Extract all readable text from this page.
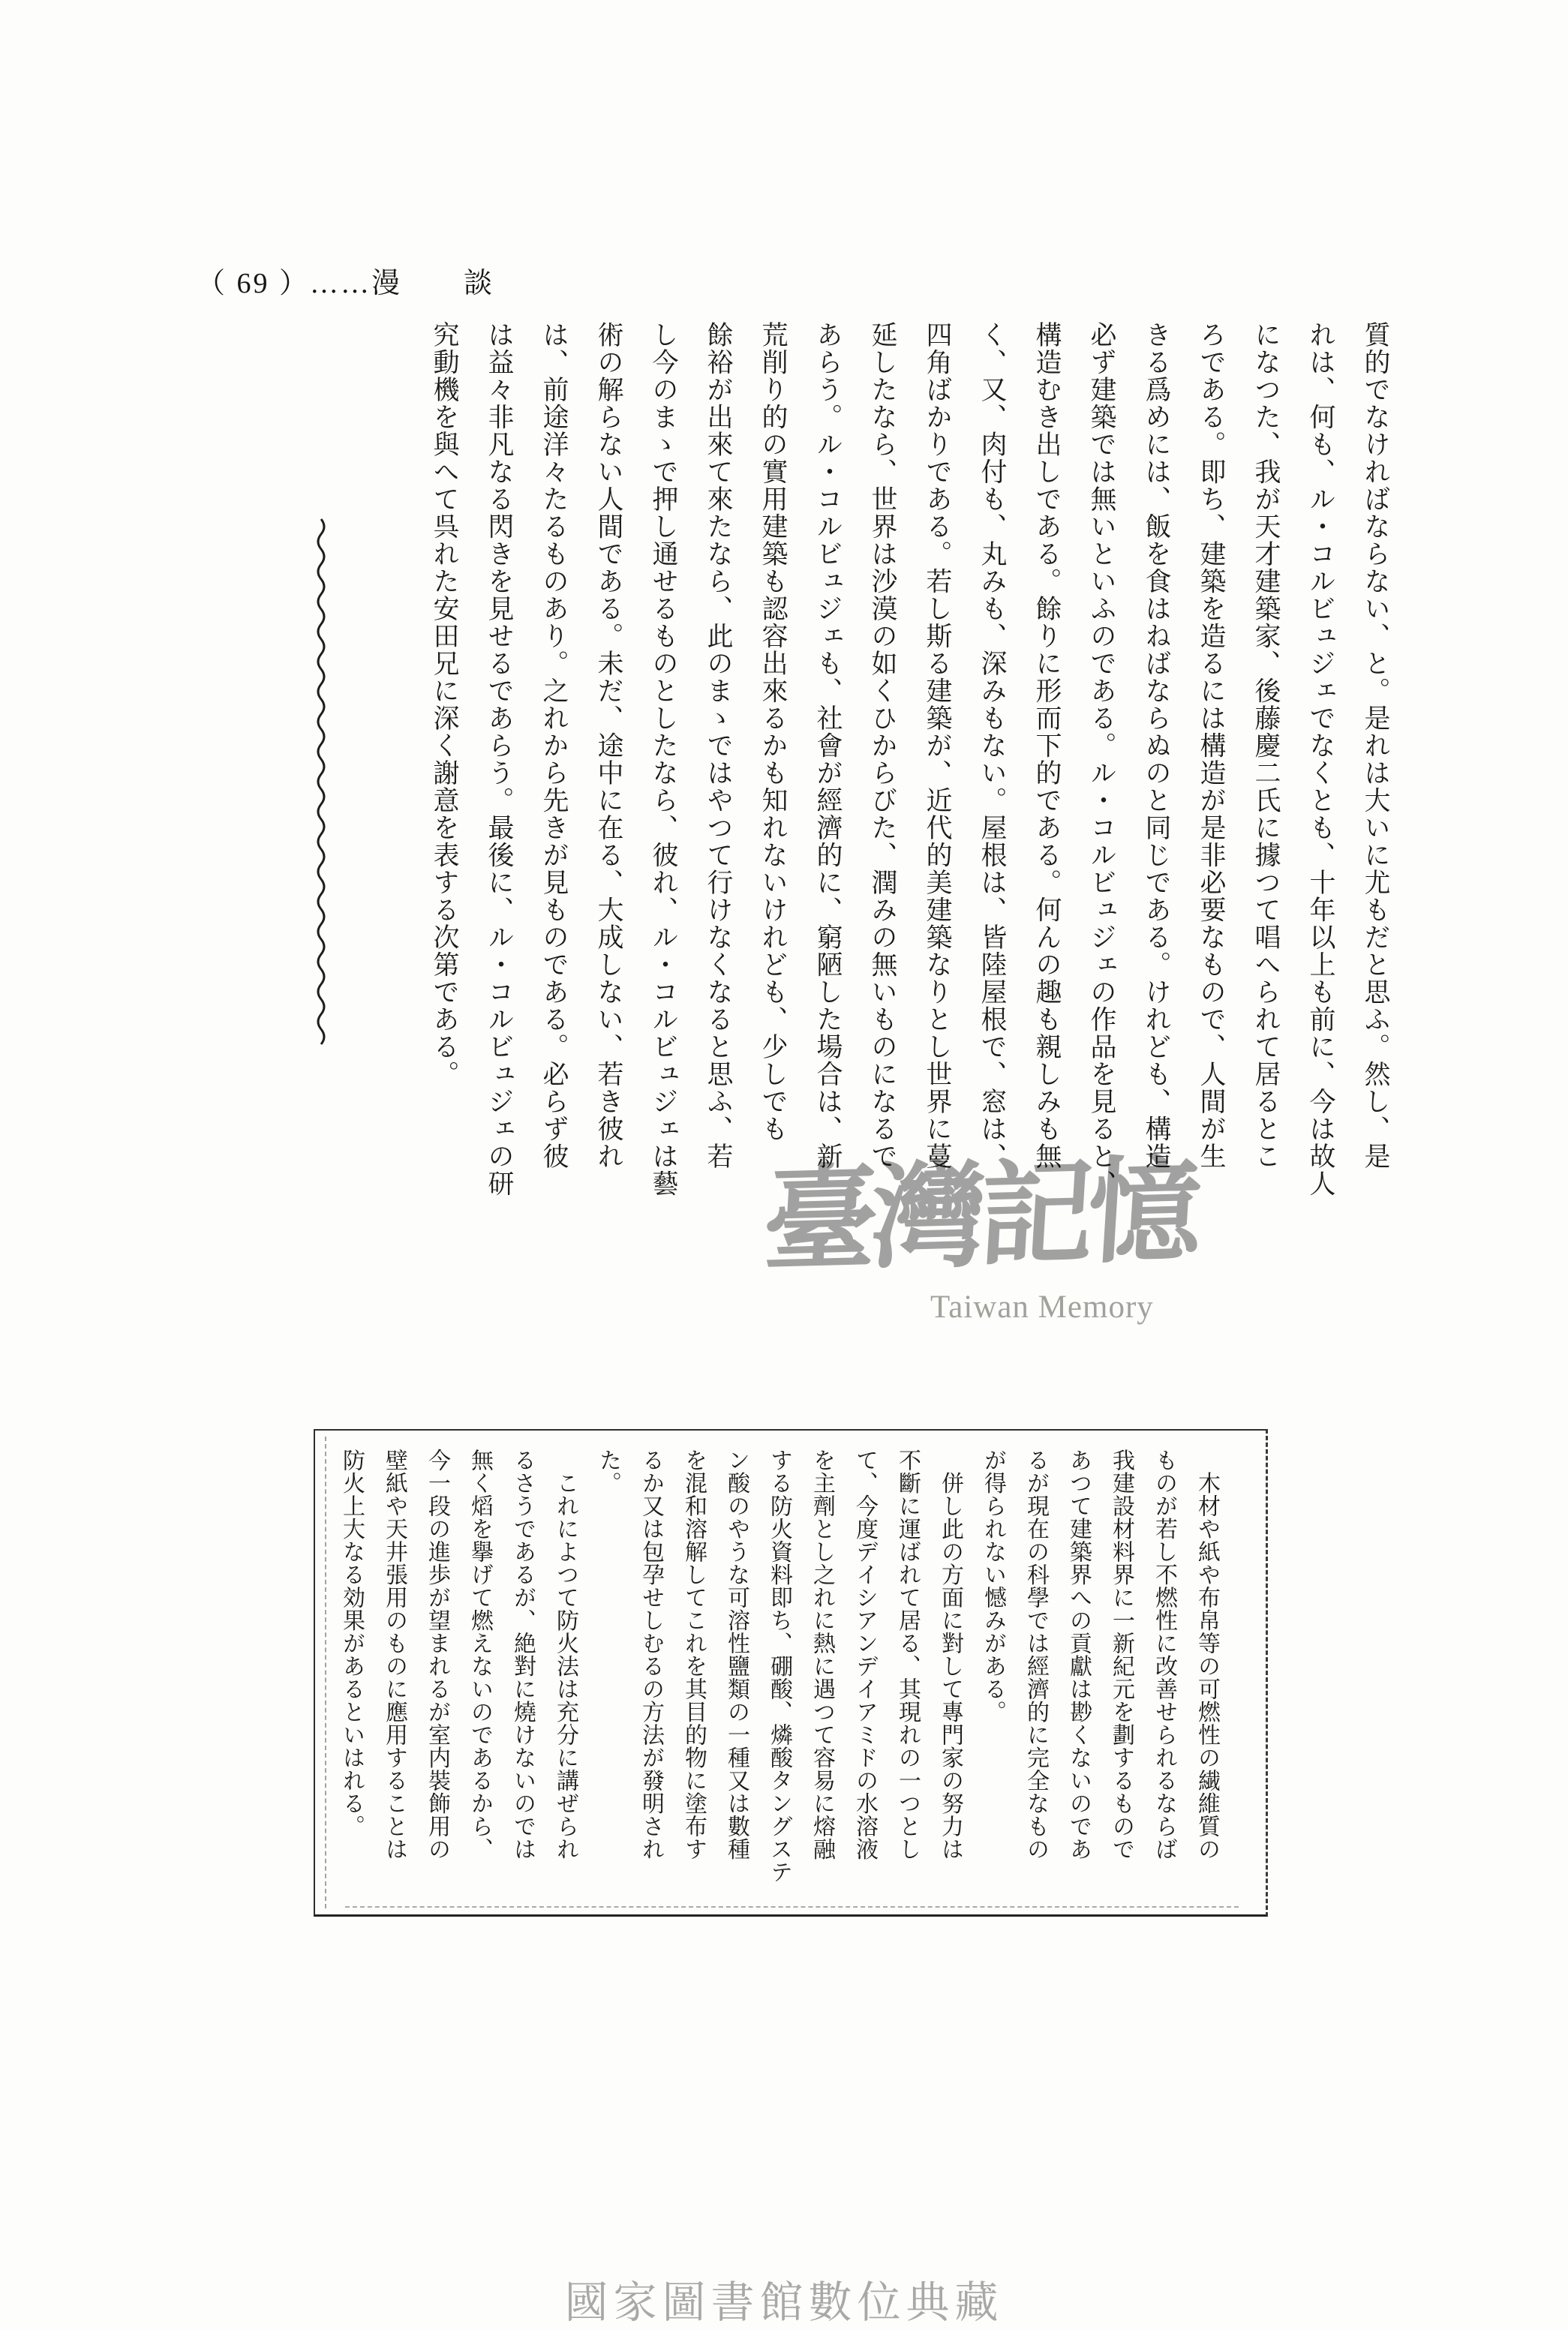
（ 69 ）……漫　　談
質的でなければならない、と。是れは大いに尤もだと思ふ。然し、是
れは、何も、ル・コルビュジェでなくとも、十年以上も前に、今は故人
になつた、我が天才建築家、後藤慶二氏に據つて唱へられて居るとこ
ろである。即ち、建築を造るには構造が是非必要なもので、人間が生
きる爲めには、飯を食はねばならぬのと同じである。けれども、構造
必ず建築では無いといふのである。ル・コルビュジェの作品を見ると、
構造むき出しである。餘りに形而下的である。何んの趣も親しみも無
く、又、肉付も、丸みも、深みもない。屋根は、皆陸屋根で、窓は、
四角ばかりである。若し斯る建築が、近代的美建築なりとし世界に蔓
延したなら、世界は沙漠の如くひからびた、潤みの無いものになるで
あらう。ル・コルビュジェも、社會が經濟的に、窮陋した場合は、新
荒削り的の實用建築も認容出來るかも知れないけれども、少しでも
餘裕が出來て來たなら、此のまゝではやつて行けなくなると思ふ、若
し今のまゝで押し通せるものとしたなら、彼れ、ル・コルビュジェは藝
術の解らない人間である。未だ、途中に在る、大成しない、若き彼れ
は、前途洋々たるものあり。之れから先きが見ものである。必らず彼
は益々非凡なる閃きを見せるであらう。最後に、ル・コルビュジェの研
究動機を與へて呉れた安田兄に深く謝意を表する次第である。
臺灣記憶
Taiwan Memory
　木材や紙や布帛等の可燃性の繊維質の
ものが若し不燃性に改善せられるならば
我建設材料界に一新紀元を劃するもので
あつて建築界への貢獻は尠くないのであ
るが現在の科學では經濟的に完全なもの
が得られない憾みがある。
　併し此の方面に對して專門家の努力は
不斷に運ばれて居る、其現れの一つとし
て、今度デイシアンデイアミドの水溶液
を主劑とし之れに熱に遇つて容易に熔融
する防火資料即ち、硼酸、燐酸タングステ
ン酸のやうな可溶性鹽類の一種又は數種
を混和溶解してこれを其目的物に塗布す
るか又は包孕せしむるの方法が發明され
た。
　これによつて防火法は充分に講ぜられ
るさうであるが、絶對に燒けないのでは
無く熖を擧げて燃えないのであるから、
今一段の進歩が望まれるが室内裝飾用の
壁紙や天井張用のものに應用することは
防火上大なる効果があるといはれる。
國家圖書館數位典藏
